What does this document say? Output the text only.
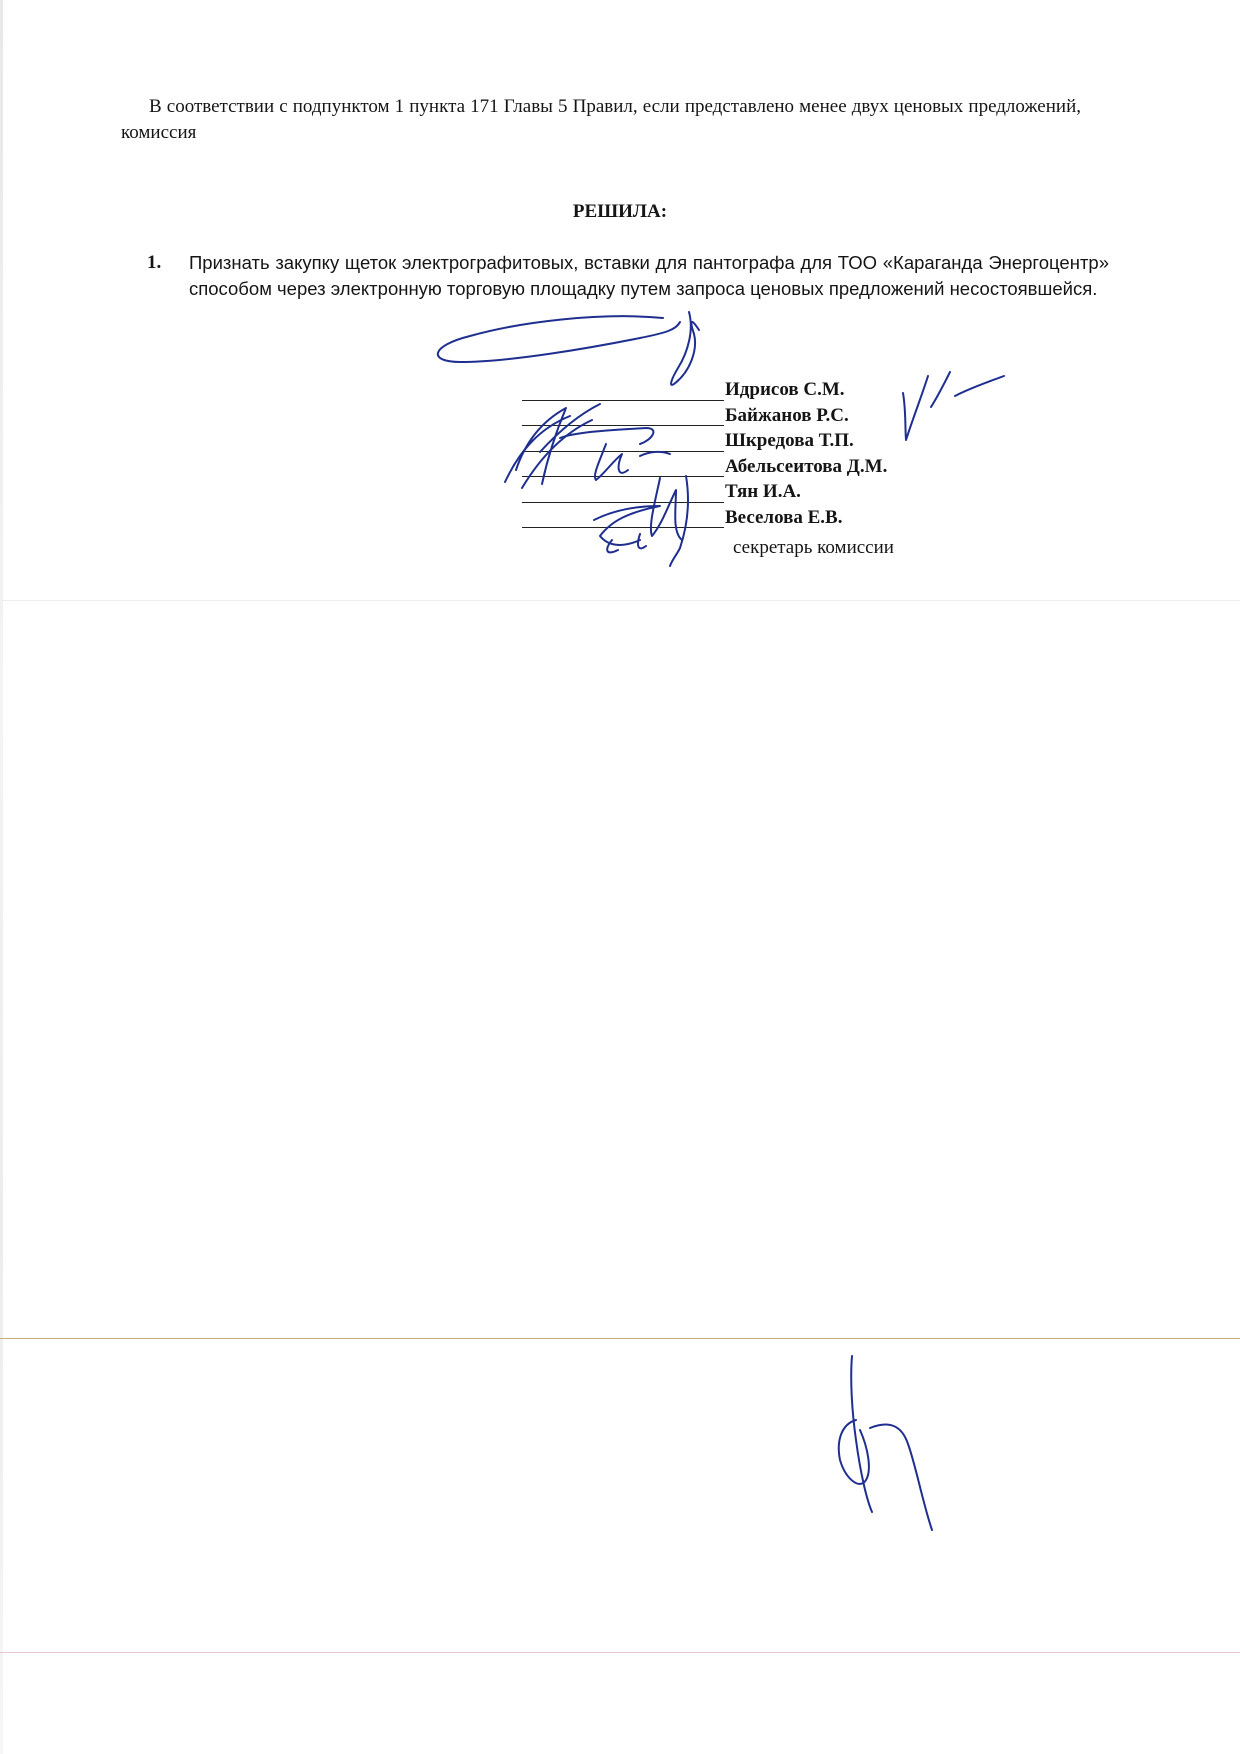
В соответствии с подпунктом 1 пункта 171 Главы 5 Правил, если представлено менее двух ценовых предложений, комиссия

РЕШИЛА:

1. Признать закупку щеток электрографитовых, вставки для пантографа для ТОО «Караганда Энергоцентр» способом через электронную торговую площадку путем запроса ценовых предложений несостоявшейся.
Идрисов С.М.
Байжанов Р.С.
Шкредова Т.П.
Абельсеитова Д.М.
Тян И.А.
Веселова Е.В.
секретарь комиссии
